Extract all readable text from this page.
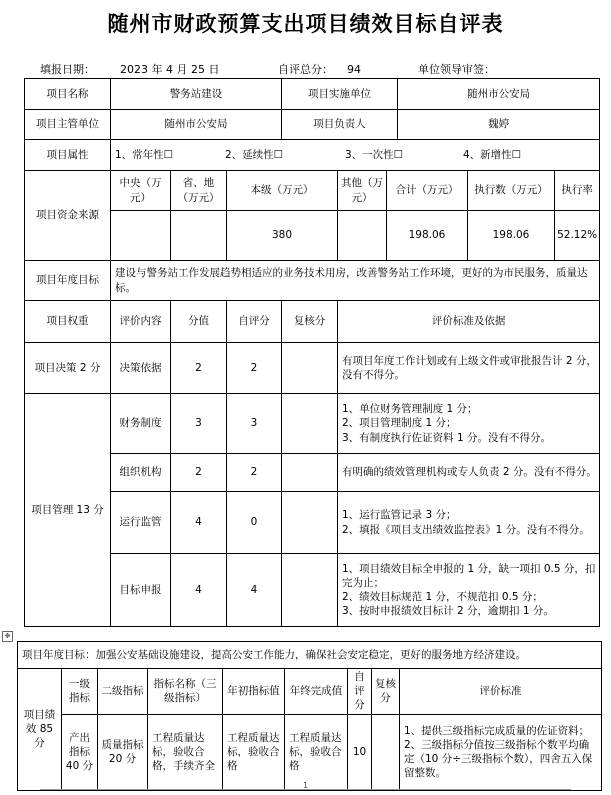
随州市财政预算支出项目绩效目标自评表
填报日期： 2023 年 4 月 25 日	自评总分： 94	单位领导审签：
项目名称	警务站建设			项目实施单位			随州市公安局		
项目主管单位	随州市公安局			项目负责人			魏婷		
项目属性	1、常年性☐ 2、延续性☐ 3、一次性☐ 4、新增性☐								
项目资金来源	中央（万元）	省、地（万元）	本级（万元）		其他（万元）	合计（万元）		执行数（万元）	执行率
			380			198.06		198.06	52.12%
项目年度目标	建设与警务站工作发展趋势相适应的业务技术用房，改善警务站工作环境，更好的为市民服务，质量达标。								
项目权重	评价内容	分值	自评分	复核分	评价标准及依据				
项目决策 2 分	决策依据	2	2		有项目年度工作计划或有上级文件或审批报告计 2 分，没有不得分。				
项目管理 13 分	财务制度	3	3		1、单位财务管理制度 1 分；
2、项目管理制度 1 分；
3、有制度执行佐证资料 1 分。没有不得分。				

	组织机构	2	2		有明确的绩效管理机构或专人负责 2 分。没有不得分。				

	运行监管	4	0		1、运行监管记录 3 分；
2、填报《项目支出绩效监控表》1 分。没有不得分。				

	目标申报	4	4		1、项目绩效目标全申报的 1 分，缺一项扣 0.5 分，扣完为止；
2、绩效目标规范 1 分，不规范扣 0.5 分；
3、按时申报绩效目标计 2 分，逾期扣 1 分。				
✥
项目年度目标：加强公安基础设施建设，提高公安工作能力，确保社会安定稳定，更好的服务地方经济建设。								
项目绩效 85 分	一级指标	二级指标	指标名称（三级指标）	年初指标值	年终完成值	自评分	复核分	评价标准
	产出指标 40 分	质量指标 20 分	工程质量达标，验收合格，手续齐全	工程质量达标，验收合格	工程质量达标，验收合格	10		1、提供三级指标完成质量的佐证资料；
2、三级指标分值按三级指标个数平均确定（10 分÷三级指标个数），四舍五入保留整数。
1
